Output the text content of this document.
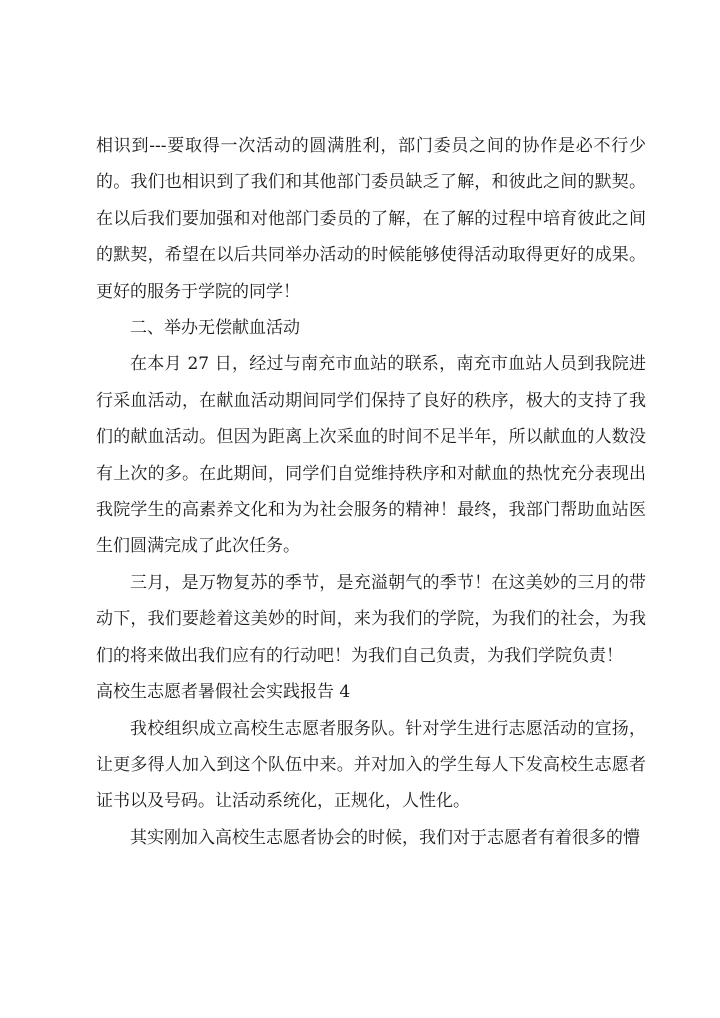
相识到---要取得一次活动的圆满胜利，部门委员之间的协作是必不行少的。我们也相识到了我们和其他部门委员缺乏了解，和彼此之间的默契。在以后我们要加强和对他部门委员的了解，在了解的过程中培育彼此之间的默契，希望在以后共同举办活动的时候能够使得活动取得更好的成果。更好的服务于学院的同学！

二、举办无偿献血活动

在本月 27 日，经过与南充市血站的联系，南充市血站人员到我院进行采血活动，在献血活动期间同学们保持了良好的秩序，极大的支持了我们的献血活动。但因为距离上次采血的时间不足半年，所以献血的人数没有上次的多。在此期间，同学们自觉维持秩序和对献血的热忱充分表现出我院学生的高素养文化和为为社会服务的精神！最终，我部门帮助血站医生们圆满完成了此次任务。

三月，是万物复苏的季节，是充溢朝气的季节！在这美妙的三月的带动下，我们要趁着这美妙的时间，来为我们的学院，为我们的社会，为我们的将来做出我们应有的行动吧！为我们自己负责，为我们学院负责！

高校生志愿者暑假社会实践报告 4

我校组织成立高校生志愿者服务队。针对学生进行志愿活动的宣扬，让更多得人加入到这个队伍中来。并对加入的学生每人下发高校生志愿者证书以及号码。让活动系统化，正规化，人性化。

其实刚加入高校生志愿者协会的时候，我们对于志愿者有着很多的懵
